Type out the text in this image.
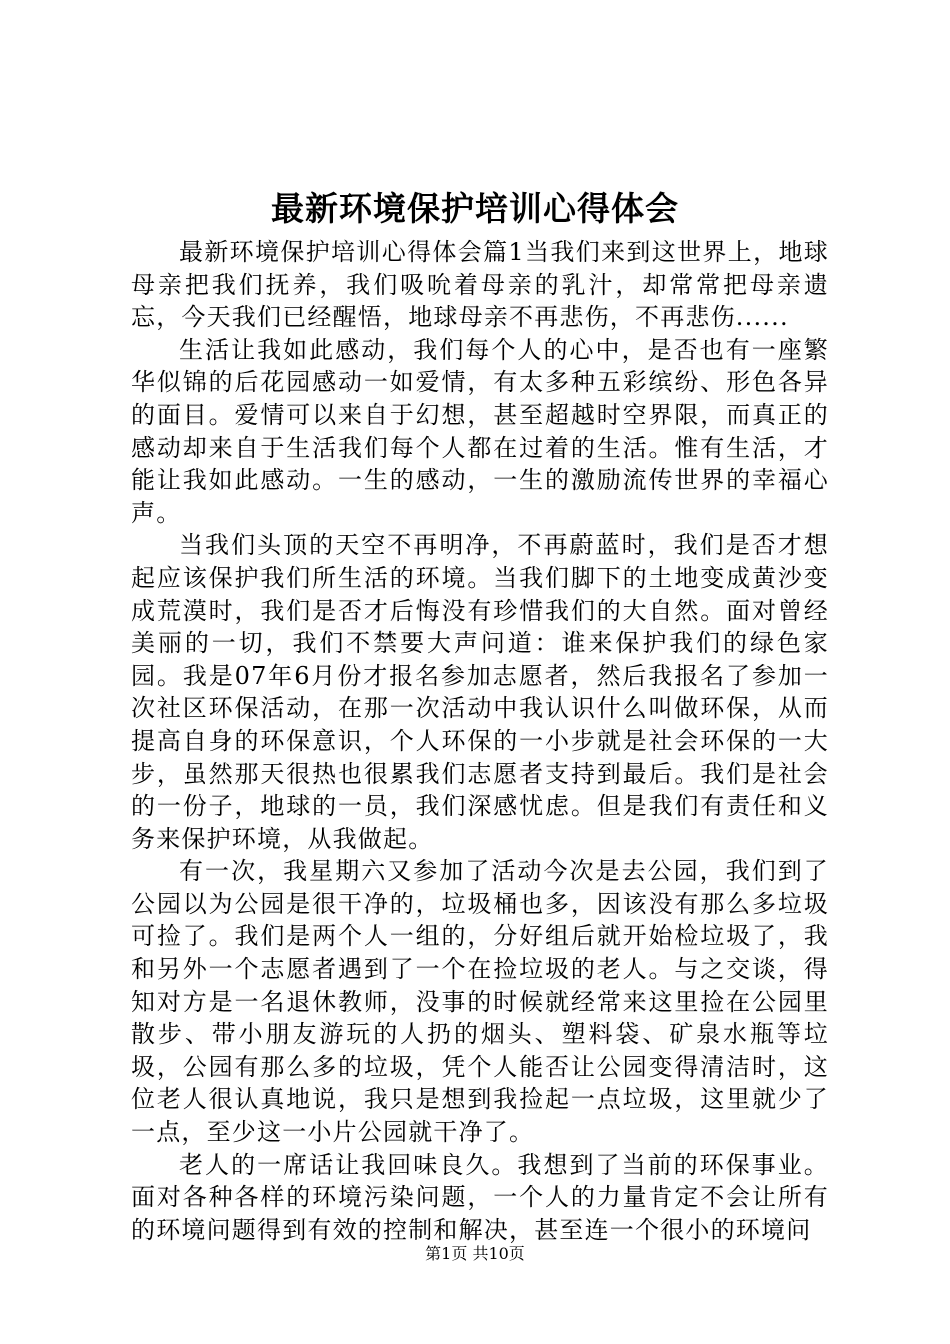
最新环境保护培训心得体会

最新环境保护培训心得体会篇1当我们来到这世界上，地球母亲把我们抚养，我们吸吮着母亲的乳汁，却常常把母亲遗忘，今天我们已经醒悟，地球母亲不再悲伤，不再悲伤......

生活让我如此感动，我们每个人的心中，是否也有一座繁华似锦的后花园感动一如爱情，有太多种五彩缤纷、形色各异的面目。爱情可以来自于幻想，甚至超越时空界限，而真正的感动却来自于生活我们每个人都在过着的生活。惟有生活，才能让我如此感动。一生的感动，一生的激励流传世界的幸福心声。

当我们头顶的天空不再明净，不再蔚蓝时，我们是否才想起应该保护我们所生活的环境。当我们脚下的土地变成黄沙变成荒漠时，我们是否才后悔没有珍惜我们的大自然。面对曾经美丽的一切，我们不禁要大声问道：谁来保护我们的绿色家园。我是07年6月份才报名参加志愿者，然后我报名了参加一次社区环保活动，在那一次活动中我认识什么叫做环保，从而提高自身的环保意识，个人环保的一小步就是社会环保的一大步，虽然那天很热也很累我们志愿者支持到最后。我们是社会的一份子，地球的一员，我们深感忧虑。但是我们有责任和义务来保护环境，从我做起。

有一次，我星期六又参加了活动今次是去公园，我们到了公园以为公园是很干净的，垃圾桶也多，因该没有那么多垃圾可捡了。我们是两个人一组的，分好组后就开始检垃圾了，我和另外一个志愿者遇到了一个在捡垃圾的老人。与之交谈，得知对方是一名退休教师，没事的时候就经常来这里捡在公园里散步、带小朋友游玩的人扔的烟头、塑料袋、矿泉水瓶等垃圾，公园有那么多的垃圾，凭个人能否让公园变得清洁时，这位老人很认真地说，我只是想到我捡起一点垃圾，这里就少了一点，至少这一小片公园就干净了。

老人的一席话让我回味良久。我想到了当前的环保事业。面对各种各样的环境污染问题，一个人的力量肯定不会让所有的环境问题得到有效的控制和解决，甚至连一个很小的环境问

第1页 共10页
